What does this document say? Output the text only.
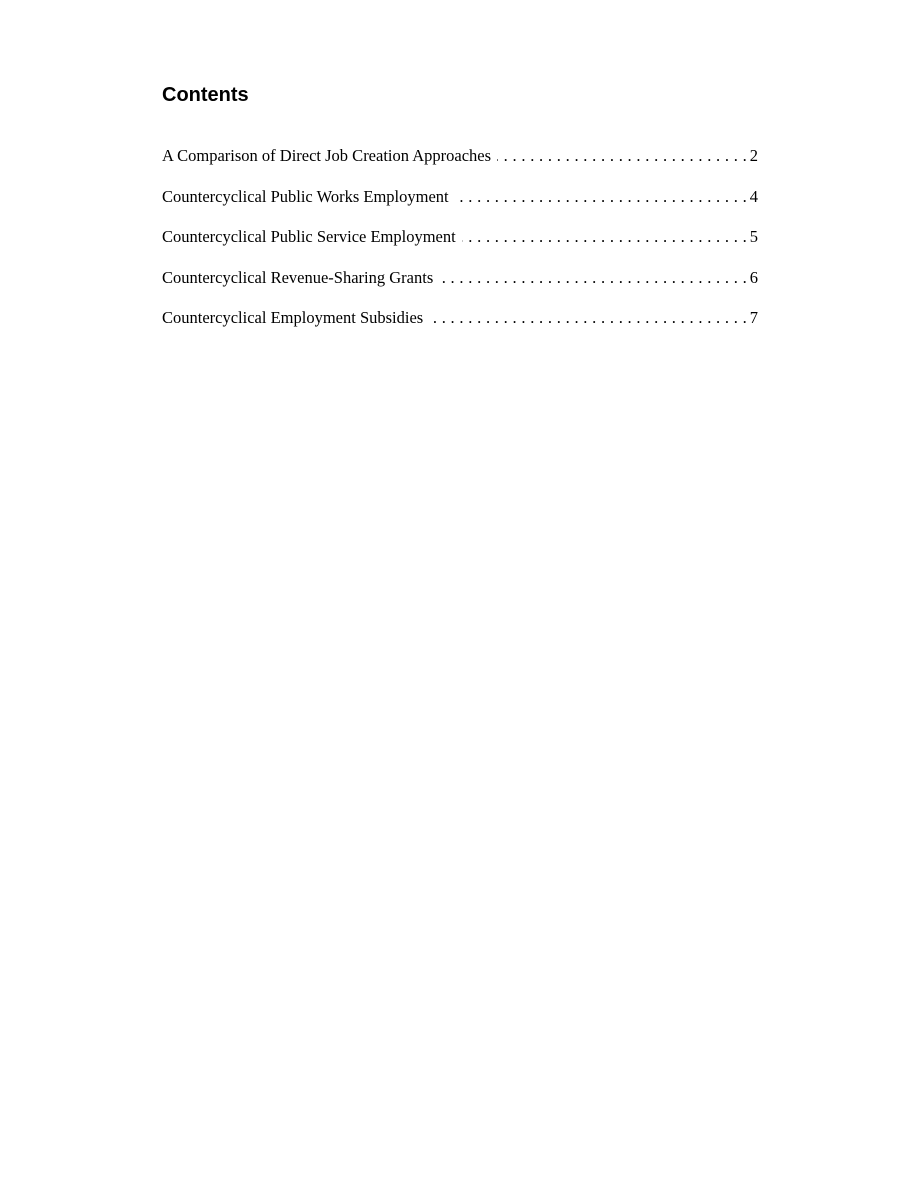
Contents
A Comparison of Direct Job Creation Approaches . . .	2
Countercyclical Public Works Employment . . .	4
Countercyclical Public Service Employment . . .	5
Countercyclical Revenue-Sharing Grants . . .	6
Countercyclical Employment Subsidies . . .	7
